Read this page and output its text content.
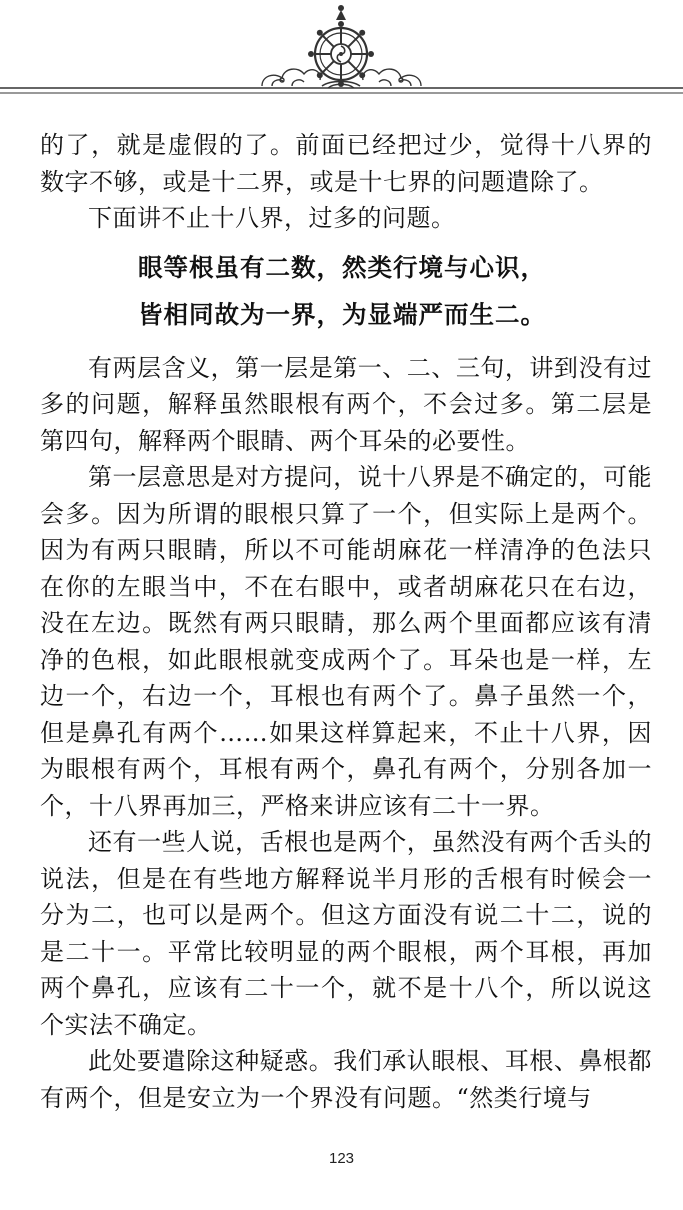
的了，就是虚假的了。前面已经把过少，觉得十八界的数字不够，或是十二界，或是十七界的问题遣除了。

下面讲不止十八界，过多的问题。

眼等根虽有二数，然类行境与心识，

皆相同故为一界，为显端严而生二。

有两层含义，第一层是第一、二、三句，讲到没有过多的问题，解释虽然眼根有两个，不会过多。第二层是第四句，解释两个眼睛、两个耳朵的必要性。

第一层意思是对方提问，说十八界是不确定的，可能会多。因为所谓的眼根只算了一个，但实际上是两个。因为有两只眼睛，所以不可能胡麻花一样清净的色法只在你的左眼当中，不在右眼中，或者胡麻花只在右边，没在左边。既然有两只眼睛，那么两个里面都应该有清净的色根，如此眼根就变成两个了。耳朵也是一样，左边一个，右边一个，耳根也有两个了。鼻子虽然一个，但是鼻孔有两个……如果这样算起来，不止十八界，因为眼根有两个，耳根有两个，鼻孔有两个，分别各加一个，十八界再加三，严格来讲应该有二十一界。

还有一些人说，舌根也是两个，虽然没有两个舌头的说法，但是在有些地方解释说半月形的舌根有时候会一分为二，也可以是两个。但这方面没有说二十二，说的是二十一。平常比较明显的两个眼根，两个耳根，再加两个鼻孔，应该有二十一个，就不是十八个，所以说这个实法不确定。

此处要遣除这种疑惑。我们承认眼根、耳根、鼻根都有两个，但是安立为一个界没有问题。“然类行境与

123
